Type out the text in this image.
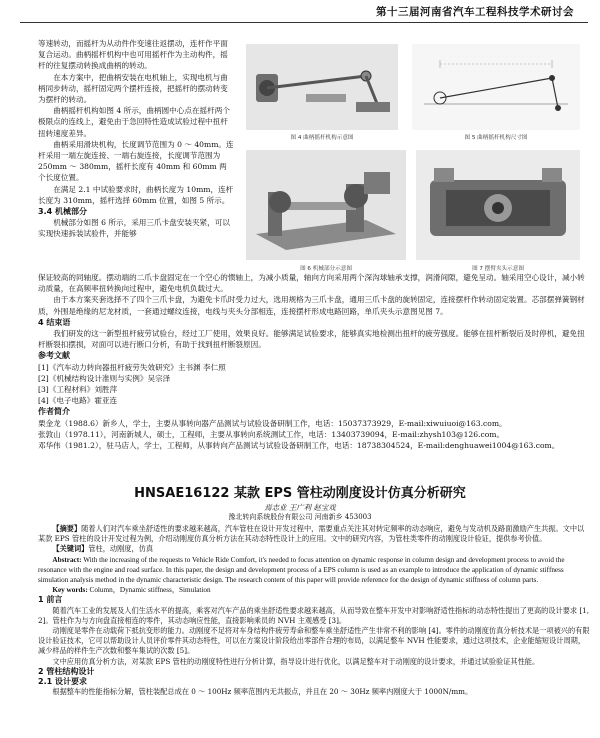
第十三届河南省汽车工程科技学术研讨会

等速转动，而摇杆为从动件作变速往返摆动，连杆作平面复合运动。曲柄摇杆机构中也可用摇杆作为主动构件，摇杆的往复摆动转换成曲柄的转动。

在本方案中，把曲柄安装在电机轴上，实现电机与曲柄同步转动，摇杆固定两个摆杆连接，把摇杆的摆动转变为摆杆的转动。

曲柄摇杆机构如图 4 所示，曲柄圆中心点在摇杆两个极限点的连线上，避免由于急回特性造成试验过程中扭杆扭转速度差异。

曲柄采用滑块机构，长度调节范围为 0 ～ 40mm。连杆采用一端左旋连接、一端右旋连接，长度调节范围为 250mm ～ 380mm，摇杆长度有 40mm 和 60mm 两个长度位置。

在满足 2.1 中试验要求时，曲柄长度为 10mm，连杆长度为 310mm，摇杆选择 60mm 位置，如图 5 所示。

3.4 机械部分

机械部分如图 6 所示，采用三爪卡盘安装夹紧，可以实现快速拆装试验件，并能够

图 4 曲柄摇杆机构示意图	图 5 曲柄摇杆机构尺寸图
图 6 机械部分示意图	图 7 摆臂夹头示意图

保证较高的同轴度。摆动端的二爪卡盘固定在一个空心的惯轴上，为减小质量，轴向方向采用两个深沟球轴承支撑，润滑间隙，避免呈动。轴采用空心设计，减小转动质量，在高频率扭转换向过程中，避免电机负载过大。

由于本方案夹套选择不了四个三爪卡盘，为避免卡爪时受力过大，选用规格为三爪卡盘，通用三爪卡盘的旋转固定，连接摆杆作转动固定装置。芯部摆弹簧钢材质，外围是绝缘的尼龙材质，一套通过螺纹连接，电线与夹头分部相连，连接摆杆形成电路回路，单爪夹头示意图见图 7。

4 结束语

我们研发的这一新型扭杆疲劳试验台，经过工厂使用，效果良好。能够满足试验要求，能够真实地检测出扭杆的疲劳强度。能够在扭杆断裂后及时停机，避免扭杆断裂扣摆损，对面可以进行断口分析，有助于找到扭杆断裂原因。

参考文献

[1]《汽车动力转向器扭杆疲劳失效研究》主书渊 李仁照

[2]《机械结构设计准则与实例》吴宗泽

[3]《工程材料》刘胜萍

[4]《电子电路》霍亚连

作者简介

栗金龙（1988.6）新乡人，学士，主要从事转向器产品测试与试验设备研制工作，电话：15037373929，E-mail:xiwuiuoi@163.com。

张敦山（1978.11），河南新城人，硕士，工程师，主要从事转向系统测试工作，电话：13403739094，E-mail:zhysh103@126.com。

邓华伟（1981.2），驻马店人，学士，工程师，从事转向产品测试与试验设备研制工作，电话：18738304524，E-mail:denghuawei1004@163.com。

HNSAE16122 某款 EPS 管柱动刚度设计仿真分析研究
焉志业 王广利 赵宝戏
豫北转向系统股份有限公司 河南新乡 453003

【摘要】随着人们对汽车乘坐舒适性的要求越来越高，汽车管柱在设计开发过程中，需要重点关注其对转定频率的动态响应，避免与发动机及路面激励产生共振。文中以某款 EPS 管柱的设计开发过程为例，介绍动刚度仿真分析方法在其动态特性设计上的应用。文中的研究内容，为管柱类零件的动刚度设计验证，提供参考价值。

【关键词】管柱，动刚度，仿真

Abstract: With the increasing of the requests to Vehicle Ride Comfort, it's needed to focus attention on dynamic response in column design and development process to avoid the resonance with the engine and road surface. In this paper, the design and development process of a EPS column is used as an example to introduce the application of dynamic stiffness simulation analysis method in the dynamic characteristic design. The research content of this paper will provide reference for the design of dynamic stiffness of column parts.

Key words: Column，Dynamic stiffness，Simulation

1 前言

随着汽车工业的发展及人们生活水平的提高，乘客对汽车产品的乘坐舒适性要求越来越高，从而导致在整车开发中对影响舒适性指标的动态特性提出了更高的设计要求 [1, 2]。管柱作为与方向盘直接相连的零件，其动态响应性能，直接影响乘员的 NVH 主观感受 [3]。

动刚度是零件在动载荷下抵抗变形的能力。动刚度不足将对车身结构件疲劳寿命和整车乘坐舒适性产生非常不利的影响 [4]。零件的动刚度仿真分析技术是一项被兴的有限设计验证技术，它可以帮助设计人员评价零件其动态特性，可以在方案设计阶段给出零部件合理的布局，以满足整车 NVH 性能要求，通过这项技术，企业能缩短设计周期，减少样品的样件生产次数和整车集试的次数 [5]。

文中应用仿真分析方法，对某款 EPS 管柱的动刚度特性进行分析计算，指导设计进行优化，以满足整车对于动刚度的设计要求，并通过试验验证其性能。

2 管柱结构设计

2.1 设计要求

根据整车的性能指标分解，管柱装配总成在 0 ～ 100Hz 频率范围内无共振点，并且在 20 ～ 30Hz 频率内刚度大于 1000N/mm。
